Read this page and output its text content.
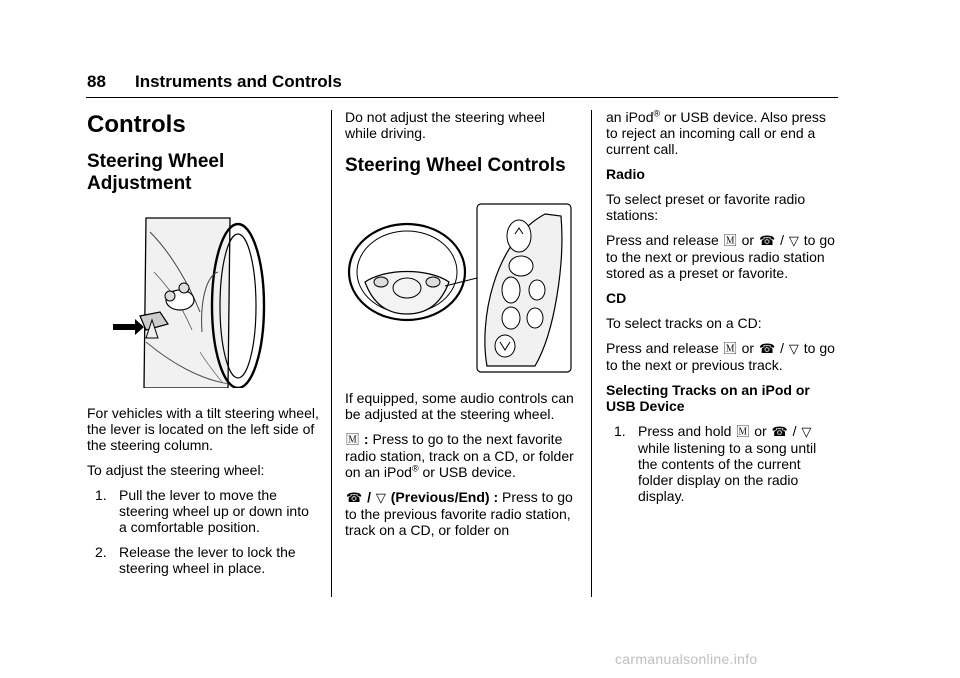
88 Instruments and Controls
Controls
Steering Wheel
Adjustment

For vehicles with a tilt steering wheel, the lever is located on the left side of the steering column.

To adjust the steering wheel:

1. Pull the lever to move the steering wheel up or down into a comfortable position.
2. Release the lever to lock the steering wheel in place.

Do not adjust the steering wheel while driving.

Steering Wheel Controls

If equipped, some audio controls can be adjusted at the steering wheel.

🄼 : Press to go to the next favorite radio station, track on a CD, or folder on an iPod® or USB device.

☎ / ▽ (Previous/End) : Press to go to the previous favorite radio station, track on a CD, or folder on

an iPod® or USB device. Also press to reject an incoming call or end a current call.

Radio

To select preset or favorite radio stations:

Press and release 🄼 or ☎ / ▽ to go to the next or previous radio station stored as a preset or favorite.

CD

To select tracks on a CD:

Press and release 🄼 or ☎ / ▽ to go to the next or previous track.

Selecting Tracks on an iPod or USB Device

1. Press and hold 🄼 or ☎ / ▽ while listening to a song until the contents of the current folder display on the radio display.
carmanualsonline.info
